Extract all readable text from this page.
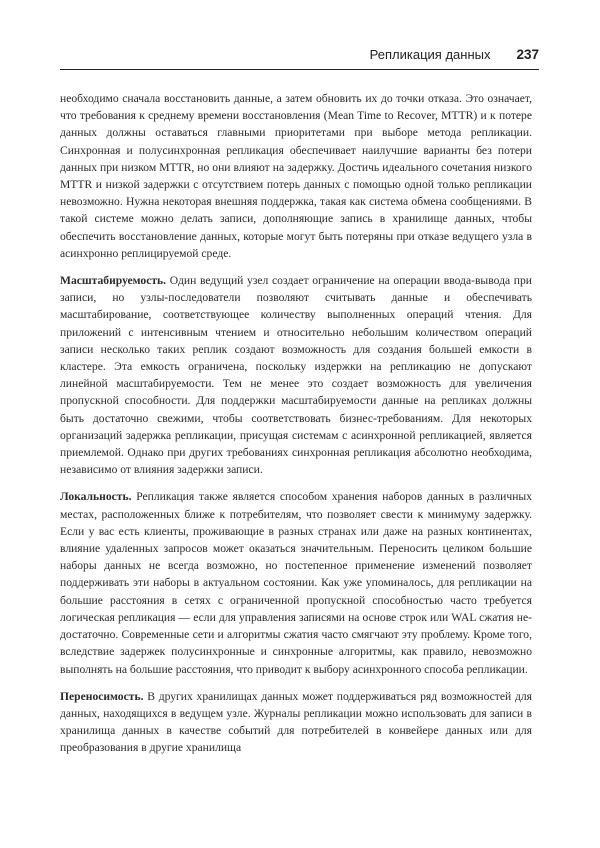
Репликация данных 237

необходимо сначала восстановить данные, а затем обновить их до точки отказа. Это означает, что требования к среднему времени восстановления (Mean Time to Recover, MTTR) и к потере данных должны оставаться главными приоритетами при выборе метода репликации. Синхронная и полусинхронная репликация обеспечивает наилучшие варианты без потери данных при низком MTTR, но они влияют на задержку. Достичь идеального сочетания низкого MTTR и низкой задержки с отсутствием потерь данных с помощью одной только репликации невозможно. Нужна некоторая внешняя поддержка, такая как система обмена сообщениями. В такой системе можно делать записи, дополняющие запись в хранилище данных, чтобы обеспечить восстановление данных, которые могут быть потеряны при отказе ведущего узла в асинхронно реплицируемой среде.

Масштабируемость. Один ведущий узел создает ограничение на операции ввода-вывода при записи, но узлы-последователи позволяют считывать данные и обеспечивать масштабирование, соответствующее количеству выполненных операций чтения. Для приложений с интенсивным чтением и относительно небольшим количеством операций записи несколько таких реплик создают возможность для создания большей емкости в кластере. Эта емкость ограничена, поскольку издержки на репликацию не допускают линейной масштабируемости. Тем не менее это создает возможность для увеличения пропускной способности. Для поддержки масштабируемости данные на репликах должны быть достаточно свежими, чтобы соответствовать бизнес-требованиям. Для некоторых организаций задержка репликации, присущая системам с асинхронной репликацией, является приемлемой. Однако при других требованиях синхронная репликация абсолютно необходима, независимо от влияния задержки записи.

Локальность. Репликация также является способом хранения наборов данных в различных местах, расположенных ближе к потребителям, что позволяет свести к минимуму задержку. Если у вас есть клиенты, проживающие в разных странах или даже на разных континентах, влияние удаленных запросов может оказаться значительным. Переносить целиком большие наборы данных не всегда возможно, но постепенное применение изменений позволяет поддерживать эти наборы в актуальном состоянии. Как уже упоминалось, для репликации на большие расстояния в сетях с ограниченной пропускной способностью часто требуется логическая репликация — если для управления записями на основе строк или WAL сжатия недостаточно. Современные сети и алгоритмы сжатия часто смягчают эту проблему. Кроме того, вследствие задержек полусинхронные и синхронные алгоритмы, как правило, невозможно выполнять на большие расстояния, что приводит к выбору асинхронного способа репликации.

Переносимость. В других хранилищах данных может поддерживаться ряд возможностей для данных, находящихся в ведущем узле. Журналы репликации можно использовать для записи в хранилища данных в качестве событий для потребителей в конвейере данных или для преобразования в другие хранилища
